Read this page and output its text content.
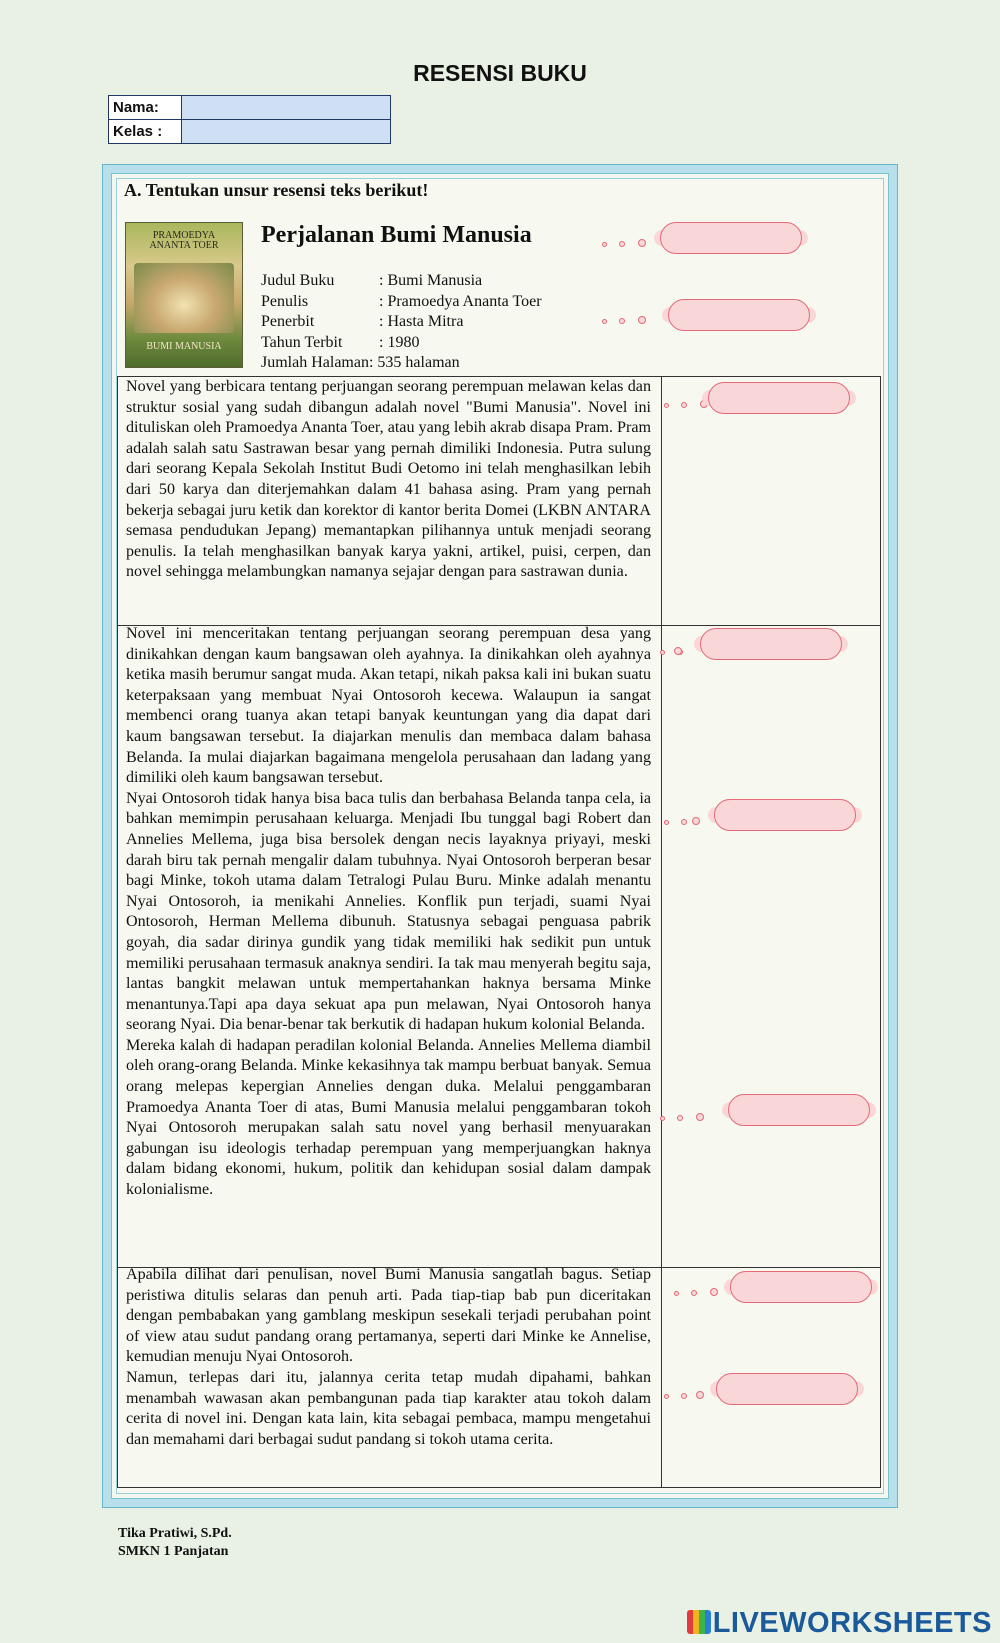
RESENSI BUKU
Nama:	
Kelas :	
A. Tentukan unsur resensi teks berikut!
PRAMOEDYA
ANANTA TOER
BUMI MANUSIA
Perjalanan Bumi Manusia
Judul Buku	: Bumi Manusia
Penulis	: Pramoedya Ananta Toer
Penerbit	: Hasta Mitra
Tahun Terbit : 1980
Jumlah Halaman: 535 halaman

Novel yang berbicara tentang perjuangan seorang perempuan melawan kelas dan struktur sosial yang sudah dibangun adalah novel "Bumi Manusia". Novel ini dituliskan oleh Pramoedya Ananta Toer, atau yang lebih akrab disapa Pram. Pram adalah salah satu Sastrawan besar yang pernah dimiliki Indonesia. Putra sulung dari seorang Kepala Sekolah Institut Budi Oetomo ini telah menghasilkan lebih dari 50 karya dan diterjemahkan dalam 41 bahasa asing. Pram yang pernah bekerja sebagai juru ketik dan korektor di kantor berita Domei (LKBN ANTARA semasa pendudukan Jepang) memantapkan pilihannya untuk menjadi seorang penulis. Ia telah menghasilkan banyak karya yakni, artikel, puisi, cerpen, dan novel sehingga melambungkan namanya sejajar dengan para sastrawan dunia.

Novel ini menceritakan tentang perjuangan seorang perempuan desa yang dinikahkan dengan kaum bangsawan oleh ayahnya. Ia dinikahkan oleh ayahnya ketika masih berumur sangat muda. Akan tetapi, nikah paksa kali ini bukan suatu keterpaksaan yang membuat Nyai Ontosoroh kecewa. Walaupun ia sangat membenci orang tuanya akan tetapi banyak keuntungan yang dia dapat dari kaum bangsawan tersebut. Ia diajarkan menulis dan membaca dalam bahasa Belanda. Ia mulai diajarkan bagaimana mengelola perusahaan dan ladang yang dimiliki oleh kaum bangsawan tersebut.

Nyai Ontosoroh tidak hanya bisa baca tulis dan berbahasa Belanda tanpa cela, ia bahkan memimpin perusahaan keluarga. Menjadi Ibu tunggal bagi Robert dan Annelies Mellema, juga bisa bersolek dengan necis layaknya priyayi, meski darah biru tak pernah mengalir dalam tubuhnya. Nyai Ontosoroh berperan besar bagi Minke, tokoh utama dalam Tetralogi Pulau Buru. Minke adalah menantu Nyai Ontosoroh, ia menikahi Annelies. Konflik pun terjadi, suami Nyai Ontosoroh, Herman Mellema dibunuh. Statusnya sebagai penguasa pabrik goyah, dia sadar dirinya gundik yang tidak memiliki hak sedikit pun untuk memiliki perusahaan termasuk anaknya sendiri. Ia tak mau menyerah begitu saja, lantas bangkit melawan untuk mempertahankan haknya bersama Minke menantunya.Tapi apa daya sekuat apa pun melawan, Nyai Ontosoroh hanya seorang Nyai. Dia benar-benar tak berkutik di hadapan hukum kolonial Belanda.

Mereka kalah di hadapan peradilan kolonial Belanda. Annelies Mellema diambil oleh orang-orang Belanda. Minke kekasihnya tak mampu berbuat banyak. Semua orang melepas kepergian Annelies dengan duka. Melalui penggambaran Pramoedya Ananta Toer di atas, Bumi Manusia melalui penggambaran tokoh Nyai Ontosoroh merupakan salah satu novel yang berhasil menyuarakan gabungan isu ideologis terhadap perempuan yang memperjuangkan haknya dalam bidang ekonomi, hukum, politik dan kehidupan sosial dalam dampak kolonialisme.

Apabila dilihat dari penulisan, novel Bumi Manusia sangatlah bagus. Setiap peristiwa ditulis selaras dan penuh arti. Pada tiap-tiap bab pun diceritakan dengan pembabakan yang gamblang meskipun sesekali terjadi perubahan point of view atau sudut pandang orang pertamanya, seperti dari Minke ke Annelise, kemudian menuju Nyai Ontosoroh.

Namun, terlepas dari itu, jalannya cerita tetap mudah dipahami, bahkan menambah wawasan akan pembangunan pada tiap karakter atau tokoh dalam cerita di novel ini. Dengan kata lain, kita sebagai pembaca, mampu mengetahui dan memahami dari berbagai sudut pandang si tokoh utama cerita.

Tika Pratiwi, S.Pd.
SMKN 1 Panjatan
LIVEWORKSHEETS
